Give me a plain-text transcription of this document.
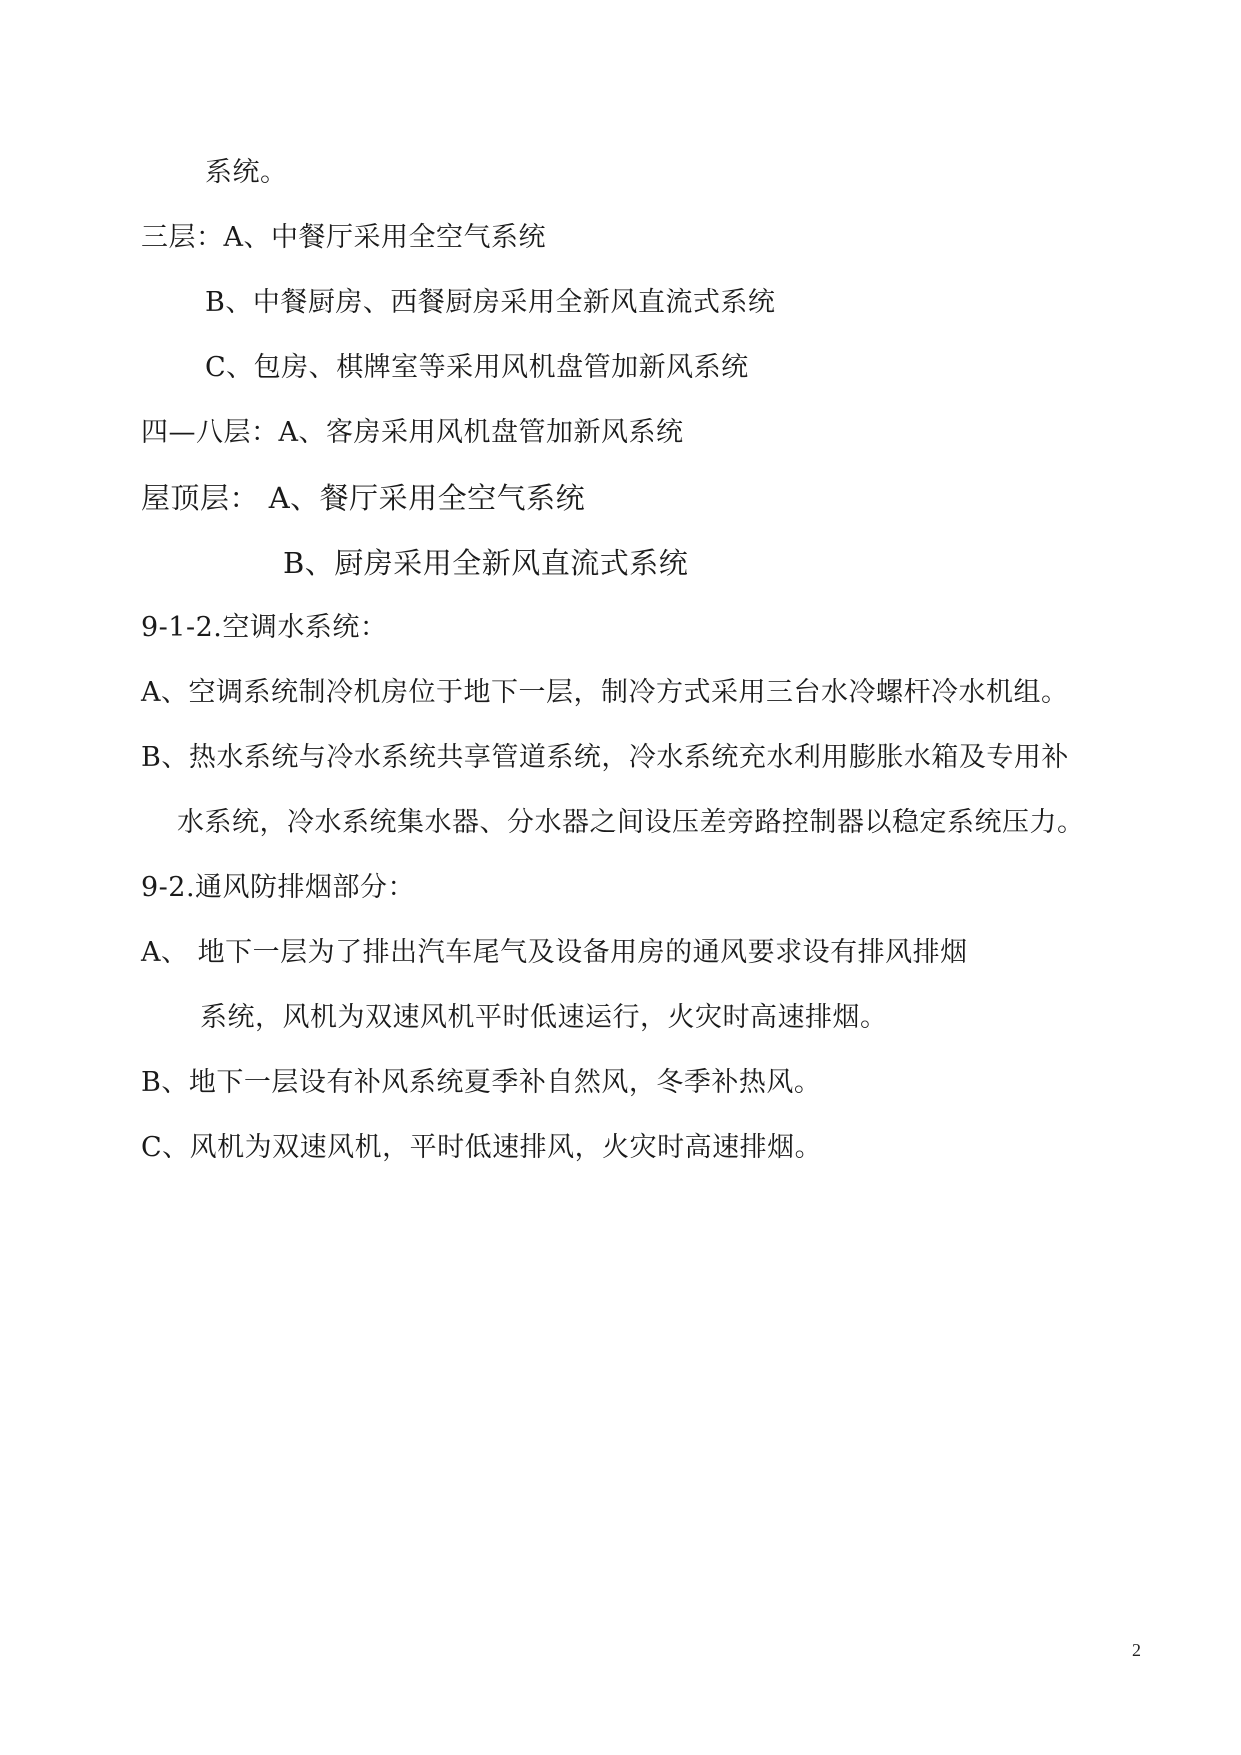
系统。
三层：A、中餐厅采用全空气系统
B、中餐厨房、西餐厨房采用全新风直流式系统
C、包房、棋牌室等采用风机盘管加新风系统
四—八层：A、客房采用风机盘管加新风系统
屋顶层： A、餐厅采用全空气系统
B、厨房采用全新风直流式系统
9-1-2.空调水系统：
A、空调系统制冷机房位于地下一层，制冷方式采用三台水冷螺杆冷水机组。
B、热水系统与冷水系统共享管道系统，冷水系统充水利用膨胀水箱及专用补
水系统，冷水系统集水器、分水器之间设压差旁路控制器以稳定系统压力。
9-2.通风防排烟部分：
A、 地下一层为了排出汽车尾气及设备用房的通风要求设有排风排烟
系统，风机为双速风机平时低速运行，火灾时高速排烟。
B、地下一层设有补风系统夏季补自然风，冬季补热风。
C、风机为双速风机，平时低速排风，火灾时高速排烟。
2
